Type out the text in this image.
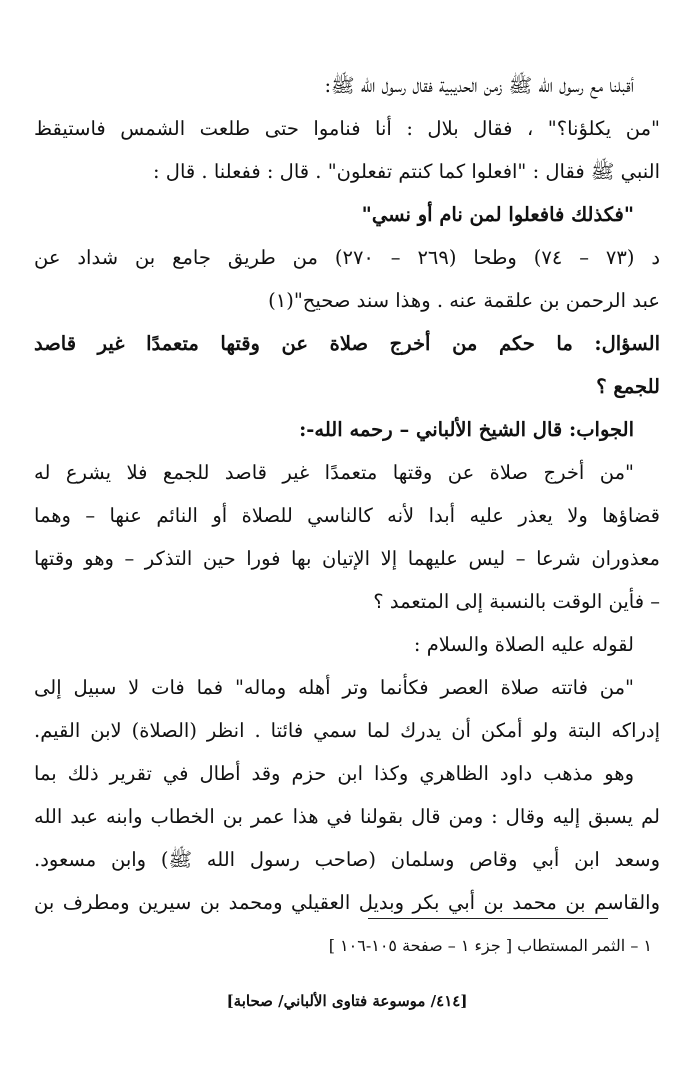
أقبلنا مع رسول الله ﷺ زمن الحديبية فقال رسول الله ﷺ:
"من يكلؤنا؟" ، فقال بلال : أنا فناموا حتى طلعت الشمس فاستيقظ
النبي ﷺ فقال : "افعلوا كما كنتم تفعلون" . قال : ففعلنا . قال :
"فكذلك فافعلوا لمن نام أو نسي"
د (٧٣ – ٧٤) وطحا (٢٦٩ – ٢٧٠) من طريق جامع بن شداد عن
عبد الرحمن بن علقمة عنه . وهذا سند صحيح"(١)
السؤال: ما حكم من أخرج صلاة عن وقتها متعمدًا غير قاصد
للجمع ؟
الجواب: قال الشيخ الألباني – رحمه الله-:
"من أخرج صلاة عن وقتها متعمدًا غير قاصد للجمع فلا يشرع له
قضاؤها ولا يعذر عليه أبدا لأنه كالناسي للصلاة أو النائم عنها – وهما
معذوران شرعا – ليس عليهما إلا الإتيان بها فورا حين التذكر – وهو وقتها
– فأين الوقت بالنسبة إلى المتعمد ؟
لقوله عليه الصلاة والسلام :
"من فاتته صلاة العصر فكأنما وتر أهله وماله" فما فات لا سبيل إلى
إدراكه البتة ولو أمكن أن يدرك لما سمي فائتا . انظر (الصلاة) لابن القيم.
وهو مذهب داود الظاهري وكذا ابن حزم وقد أطال في تقرير ذلك بما
لم يسبق إليه وقال : ومن قال بقولنا في هذا عمر بن الخطاب وابنه عبد الله
وسعد ابن أبي وقاص وسلمان (صاحب رسول الله ﷺ) وابن مسعود.
والقاسم بن محمد بن أبي بكر وبديل العقيلي ومحمد بن سيرين ومطرف بن
١ – الثمر المستطاب [ جزء ١ – صفحة ١٠٥-١٠٦ ]
[٤١٤/ موسوعة فتاوى الألباني/ صحابة]
